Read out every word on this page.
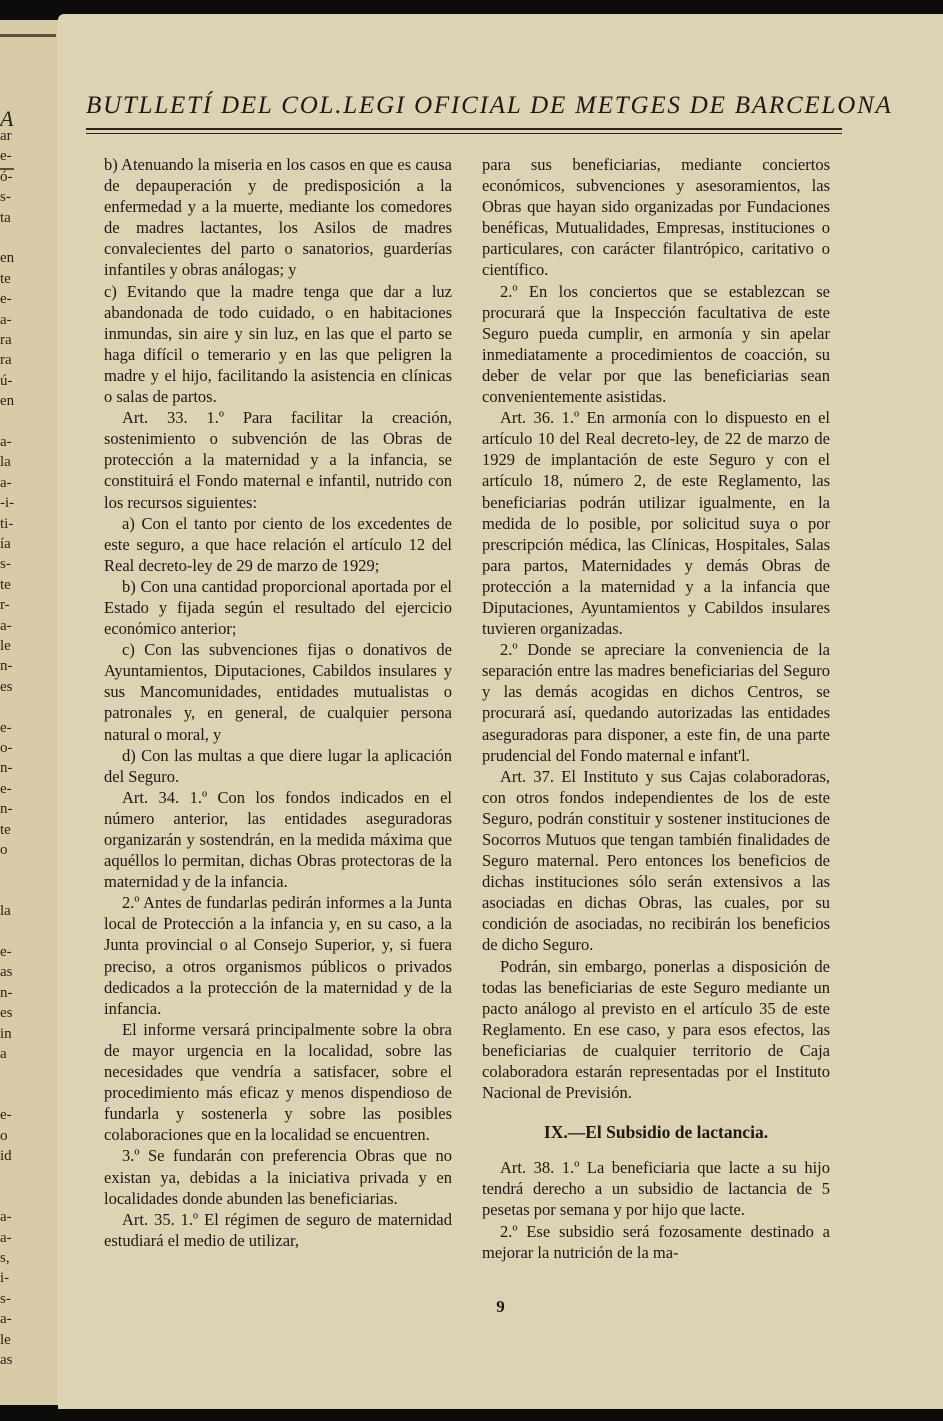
A
ar
e-
ó-
s-
ta
en
te
e-
a-
ra
ra
ú-
en
a-
la
a-
-i-
ti-
ía
s-
te
r-
a-
le
n-
es
e-
o-
n-
e-
n-
te
o
la
e-
as
n-
es
in
a
e-
o
id
a-
a-
s,
i-
s-
a-
le
as
BUTLLETÍ DEL COL.LEGI OFICIAL DE METGES DE BARCELONA

b) Atenuando la miseria en los casos en que es causa de depauperación y de predisposición a la enfermedad y a la muerte, mediante los comedores de madres lactantes, los Asilos de madres convalecientes del parto o sanatorios, guarderías infantiles y obras análogas; y

c) Evitando que la madre tenga que dar a luz abandonada de todo cuidado, o en habitaciones inmundas, sin aire y sin luz, en las que el parto se haga difícil o temerario y en las que peligren la madre y el hijo, facilitando la asistencia en clínicas o salas de partos.

Art. 33. 1.º Para facilitar la creación, sostenimiento o subvención de las Obras de protección a la maternidad y a la infancia, se constituirá el Fondo maternal e infantil, nutrido con los recursos siguientes:

a) Con el tanto por ciento de los excedentes de este seguro, a que hace relación el artículo 12 del Real decreto-ley de 29 de marzo de 1929;

b) Con una cantidad proporcional aportada por el Estado y fijada según el resultado del ejercicio económico anterior;

c) Con las subvenciones fijas o donativos de Ayuntamientos, Diputaciones, Cabildos insulares y sus Mancomunidades, entidades mutualistas o patronales y, en general, de cualquier persona natural o moral, y

d) Con las multas a que diere lugar la aplicación del Seguro.

Art. 34. 1.º Con los fondos indicados en el número anterior, las entidades aseguradoras organizarán y sostendrán, en la medida máxima que aquéllos lo permitan, dichas Obras protectoras de la maternidad y de la infancia.

2.º Antes de fundarlas pedirán informes a la Junta local de Protección a la infancia y, en su caso, a la Junta provincial o al Consejo Superior, y, si fuera preciso, a otros organismos públicos o privados dedicados a la protección de la maternidad y de la infancia.

El informe versará principalmente sobre la obra de mayor urgencia en la localidad, sobre las necesidades que vendría a satisfacer, sobre el procedimiento más eficaz y menos dispendioso de fundarla y sostenerla y sobre las posibles colaboraciones que en la localidad se encuentren.

3.º Se fundarán con preferencia Obras que no existan ya, debidas a la iniciativa privada y en localidades donde abunden las beneficiarias.

Art. 35. 1.º El régimen de seguro de maternidad estudiará el medio de utilizar,

para sus beneficiarias, mediante conciertos económicos, subvenciones y asesoramientos, las Obras que hayan sido organizadas por Fundaciones benéficas, Mutualidades, Empresas, instituciones o particulares, con carácter filantrópico, caritativo o científico.

2.º En los conciertos que se establezcan se procurará que la Inspección facultativa de este Seguro pueda cumplir, en armonía y sin apelar inmediatamente a procedimientos de coacción, su deber de velar por que las beneficiarias sean convenientemente asistidas.

Art. 36. 1.º En armonía con lo dispuesto en el artículo 10 del Real decreto-ley, de 22 de marzo de 1929 de implantación de este Seguro y con el artículo 18, número 2, de este Reglamento, las beneficiarias podrán utilizar igualmente, en la medida de lo posible, por solicitud suya o por prescripción médica, las Clínicas, Hospitales, Salas para partos, Maternidades y demás Obras de protección a la maternidad y a la infancia que Diputaciones, Ayuntamientos y Cabildos insulares tuvieren organizadas.

2.º Donde se apreciare la conveniencia de la separación entre las madres beneficiarias del Seguro y las demás acogidas en dichos Centros, se procurará así, quedando autorizadas las entidades aseguradoras para disponer, a este fin, de una parte prudencial del Fondo maternal e infant'l.

Art. 37. El Instituto y sus Cajas colaboradoras, con otros fondos independientes de los de este Seguro, podrán constituir y sostener instituciones de Socorros Mutuos que tengan también finalidades de Seguro maternal. Pero entonces los beneficios de dichas instituciones sólo serán extensivos a las asociadas en dichas Obras, las cuales, por su condición de asociadas, no recibirán los beneficios de dicho Seguro.

Podrán, sin embargo, ponerlas a disposición de todas las beneficiarias de este Seguro mediante un pacto análogo al previsto en el artículo 35 de este Reglamento. En ese caso, y para esos efectos, las beneficiarias de cualquier territorio de Caja colaboradora estarán representadas por el Instituto Nacional de Previsión.

IX.—El Subsidio de lactancia.

Art. 38. 1.º La beneficiaria que lacte a su hijo tendrá derecho a un subsidio de lactancia de 5 pesetas por semana y por hijo que lacte.

2.º Ese subsidio será fozosamente destinado a mejorar la nutrición de la ma-

9
